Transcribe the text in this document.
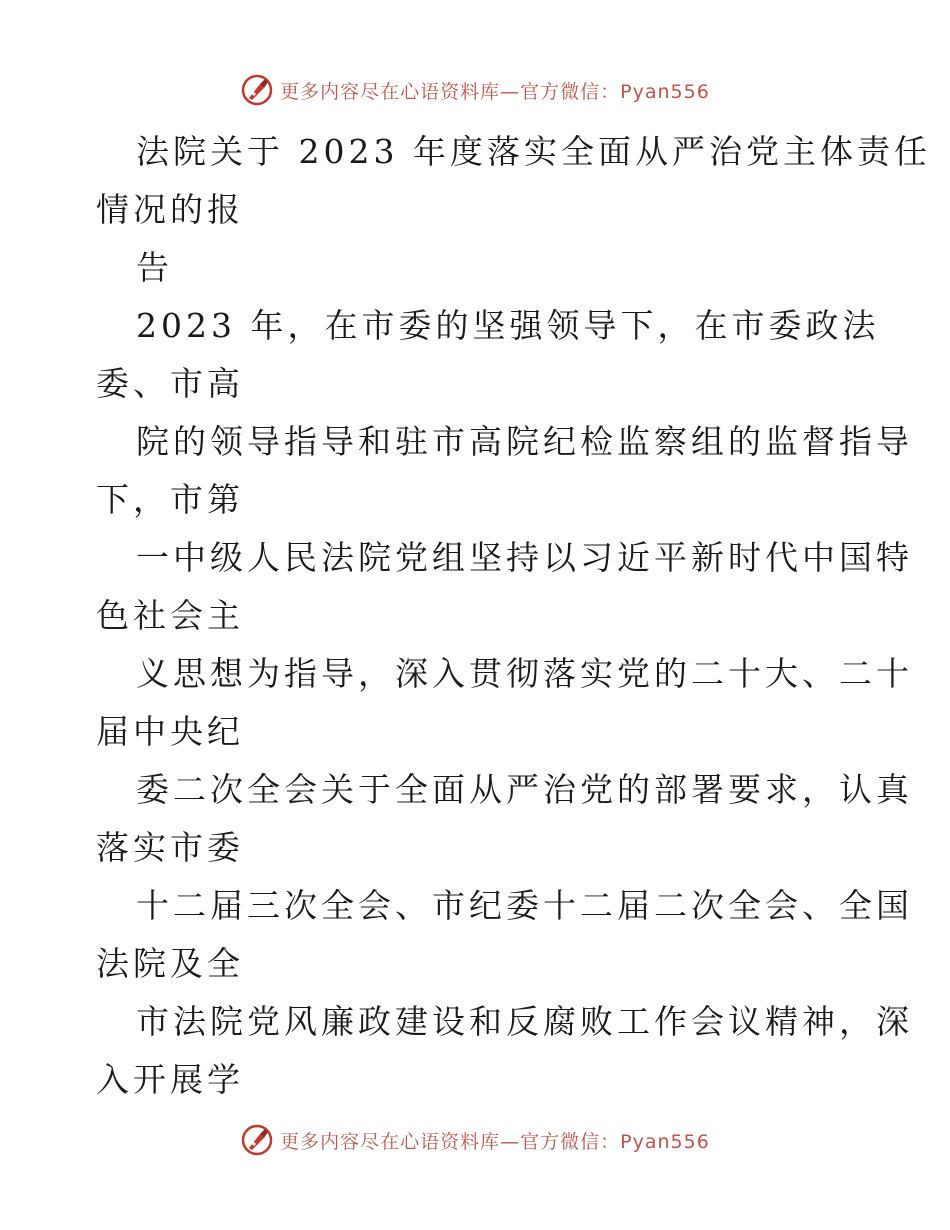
更多内容尽在心语资料库—官方微信：Pyan556
法院关于 2023 年度落实全面从严治党主体责任
情况的报
告
2023 年，在市委的坚强领导下，在市委政法
委、市高
院的领导指导和驻市高院纪检监察组的监督指导
下，市第
一中级人民法院党组坚持以习近平新时代中国特
色社会主
义思想为指导，深入贯彻落实党的二十大、二十
届中央纪
委二次全会关于全面从严治党的部署要求，认真
落实市委
十二届三次全会、市纪委十二届二次全会、全国
法院及全
市法院党风廉政建设和反腐败工作会议精神，深
入开展学
更多内容尽在心语资料库—官方微信：Pyan556
